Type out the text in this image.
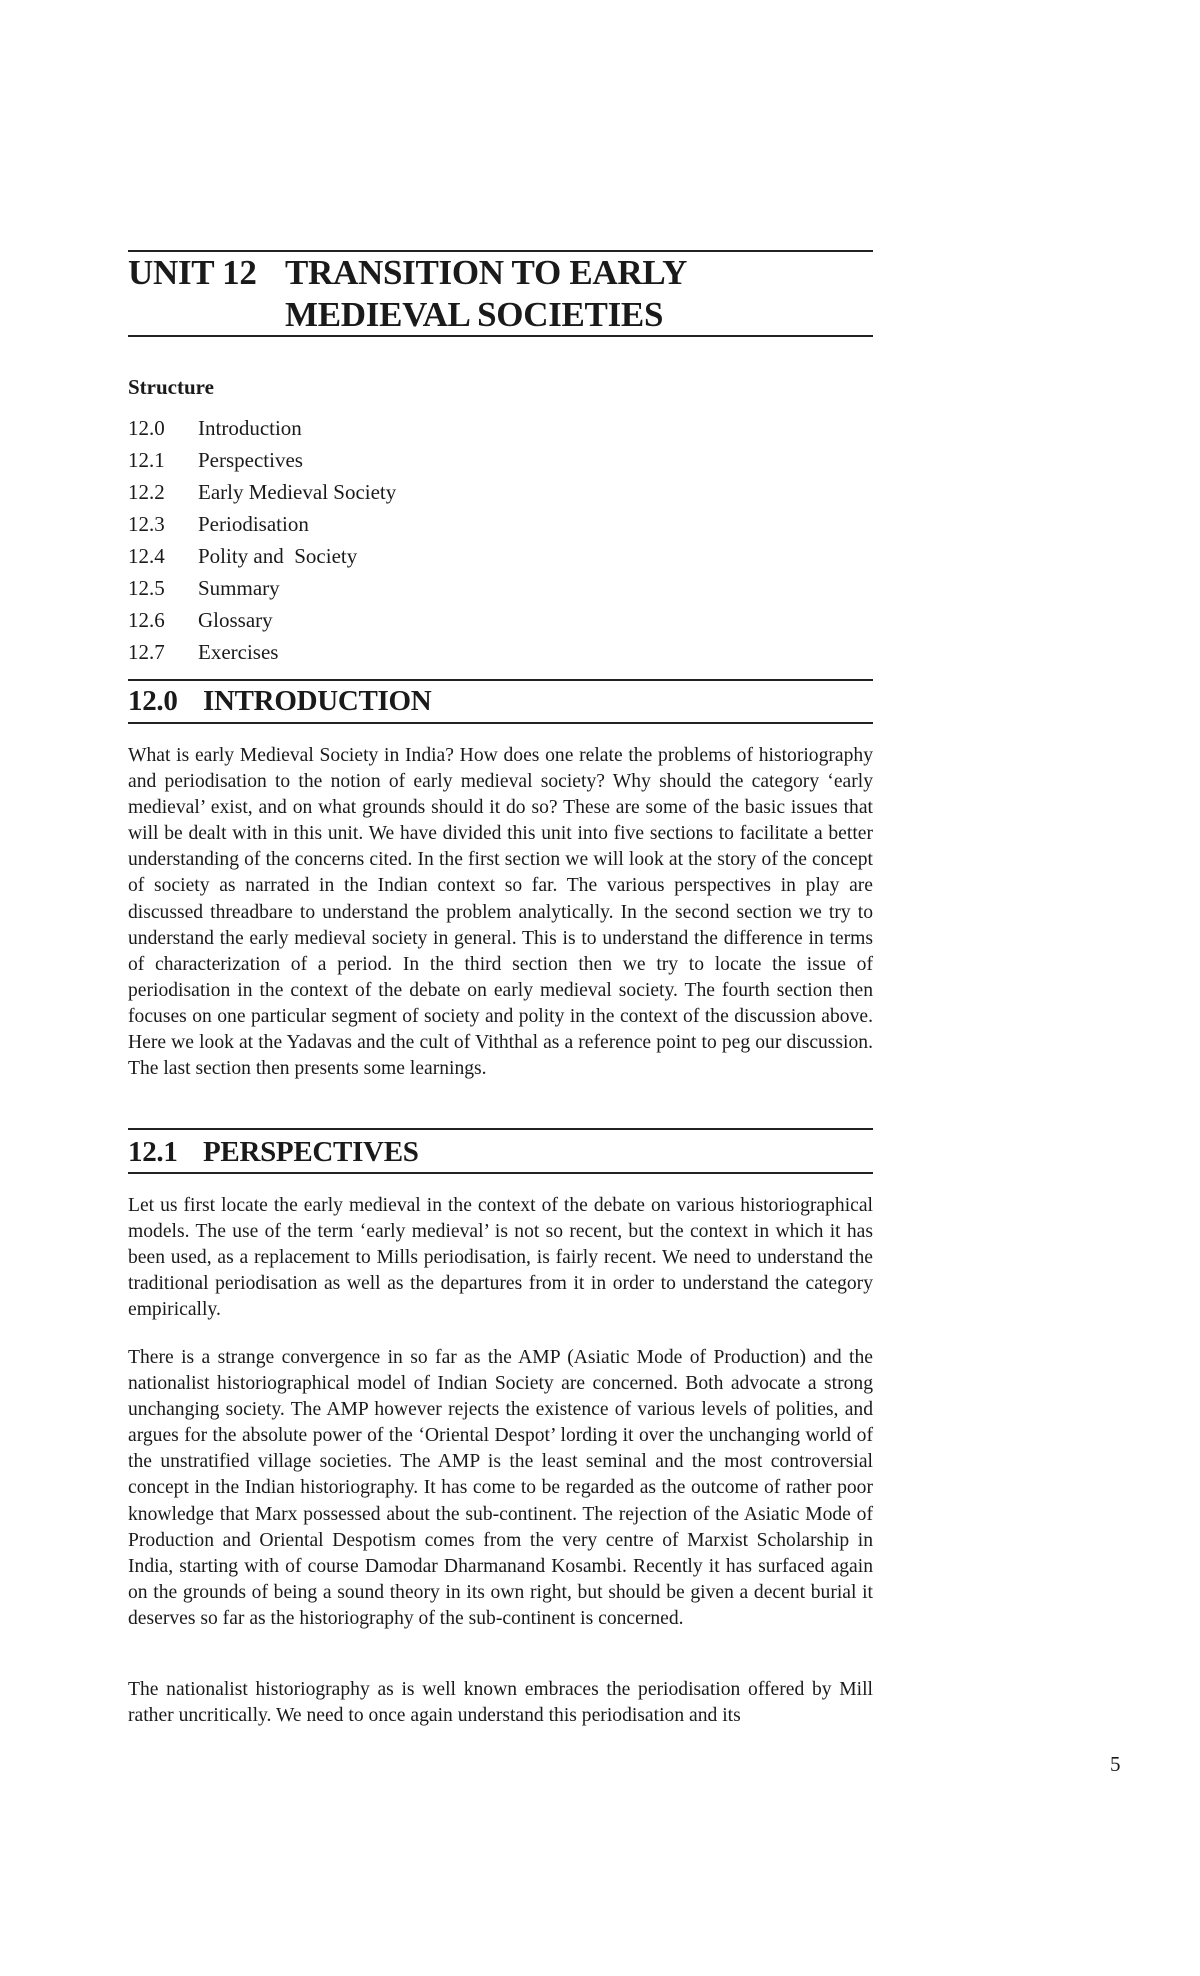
UNIT 12 TRANSITION TO EARLY
MEDIEVAL SOCIETIES
Structure
12.0 Introduction
12.1 Perspectives
12.2 Early Medieval Society
12.3 Periodisation
12.4 Polity and  Society
12.5 Summary
12.6 Glossary
12.7 Exercises
12.0 INTRODUCTION

What is early Medieval Society in India? How does one relate the problems of historiography and periodisation to the notion of early medieval society? Why should the category ‘early medieval’ exist, and on what grounds should it do so? These are some of the basic issues that will be dealt with in this unit. We have divided this unit into five sections to facilitate a better understanding of the concerns cited. In the first section we will look at the story of the concept of society as narrated in the Indian context so far. The various perspectives in play are discussed threadbare to understand the problem analytically. In the second section we try to understand the early medieval society in general. This is to understand the difference in terms of characterization of a period. In the third section then we try to locate the issue of periodisation in the context of the debate on early medieval society. The fourth section then focuses on one particular segment of society and polity in the context of the discussion above. Here we look at the Yadavas and the cult of Viththal as a reference point to peg our discussion. The last section then presents some learnings.

12.1 PERSPECTIVES

Let us first locate the early medieval in the context of the debate on various historiographical models. The use of the term ‘early medieval’ is not so recent, but the context in which it has been used, as a replacement to Mills periodisation, is fairly recent. We need to understand the traditional periodisation as well as the departures from it in order to understand the category empirically.

There is a strange convergence in so far as the AMP (Asiatic Mode of Production) and the nationalist historiographical model of Indian Society are concerned. Both advocate a strong unchanging society. The AMP however rejects the existence of various levels of polities, and argues for the absolute power of the ‘Oriental Despot’ lording it over the unchanging world of the unstratified village societies. The AMP is the least seminal and the most controversial concept in the Indian historiography. It has come to be regarded as the outcome of rather poor knowledge that Marx possessed about the sub-continent. The rejection of the Asiatic Mode of Production and Oriental Despotism comes from the very centre of Marxist Scholarship in India, starting with of course Damodar Dharmanand Kosambi. Recently it has surfaced again on the grounds of being a sound theory in its own right, but should be given a decent burial it deserves so far as the historiography of the sub-continent is concerned.

The nationalist historiography as is well known embraces the periodisation offered by Mill rather uncritically. We need to once again understand this periodisation and its

5
